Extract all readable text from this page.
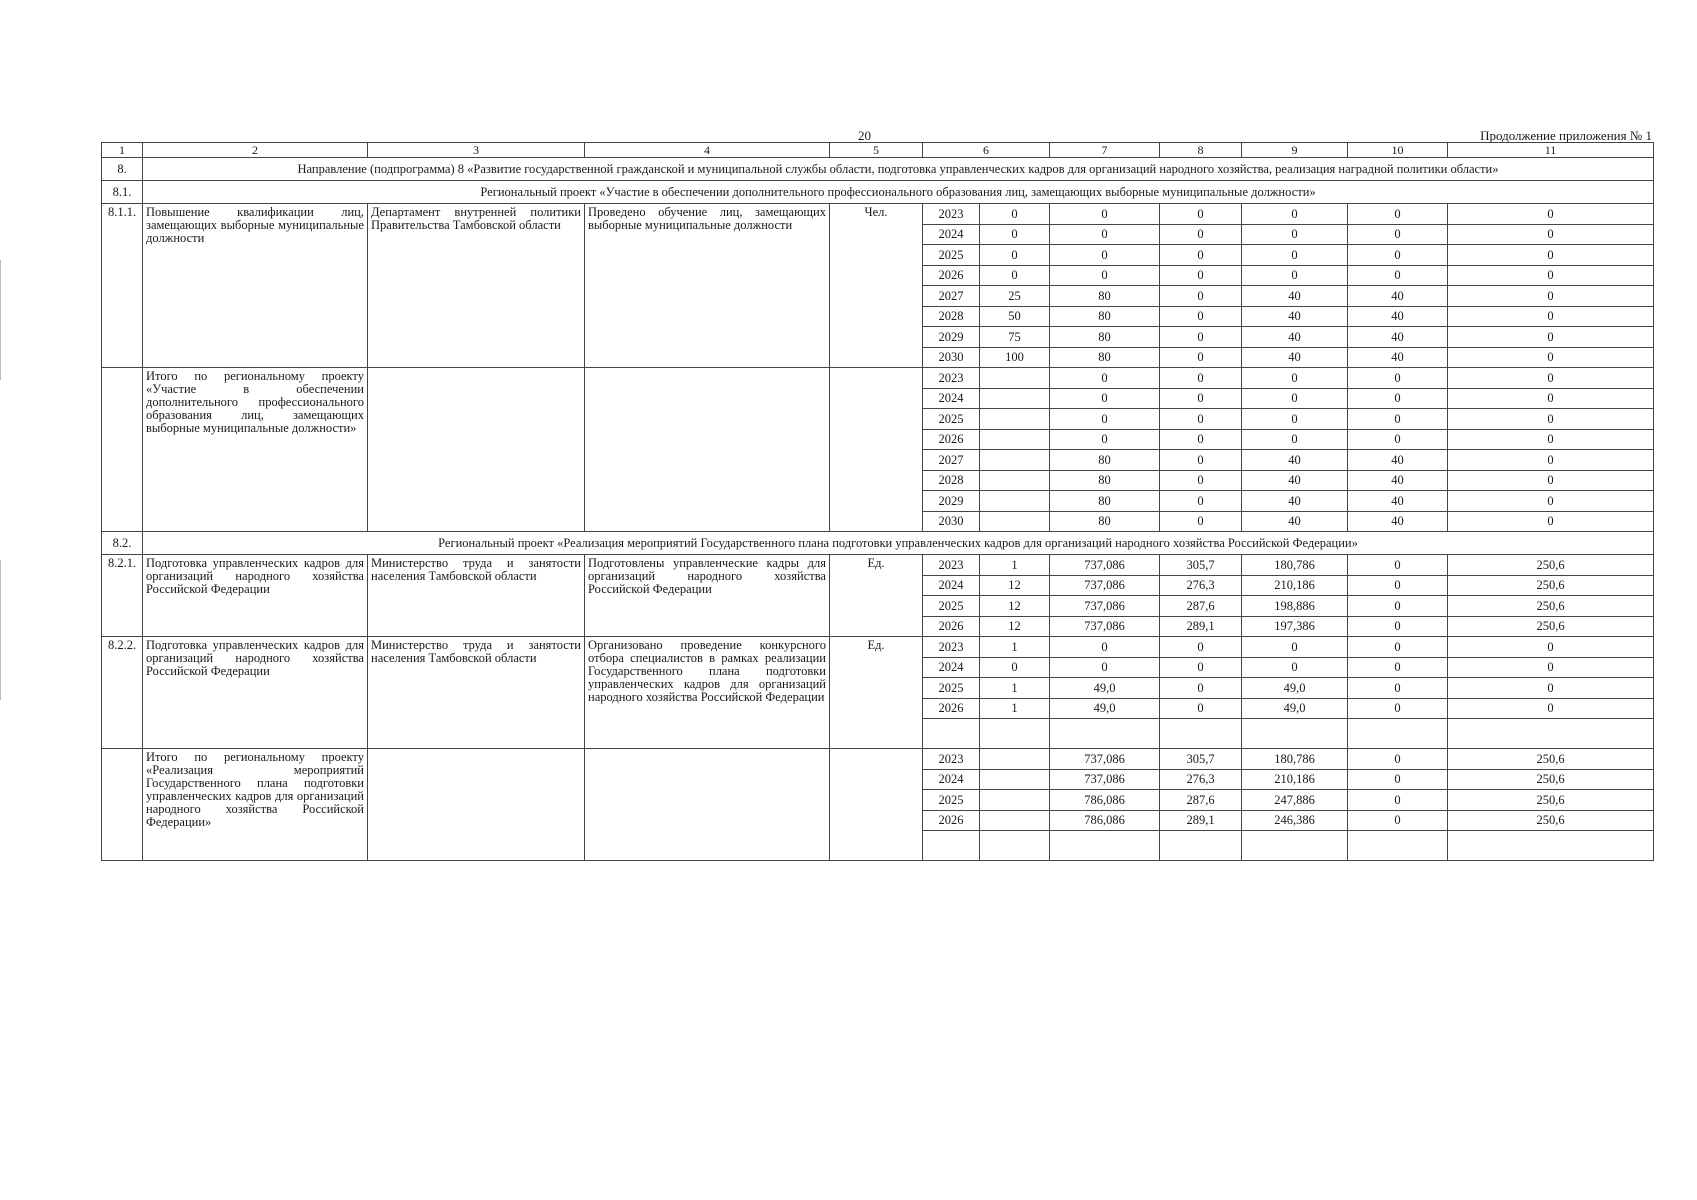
20	Продолжение приложения № 1
1	2	3	4	5	6		7	8	9	10	11
8.	Направление (подпрограмма) 8 «Развитие государственной гражданской и муниципальной службы области, подготовка управленческих кадров для организаций народного хозяйства, реализация наградной политики области»										
8.1.	Региональный проект «Участие в обеспечении дополнительного профессионального образования лиц, замещающих выборные муниципальные должности»										
8.1.1.	Повышение квалификации лиц, замещающих выборные муниципальные должности	Департамент внутренней политики Правительства Тамбовской области	Проведено обучение лиц, замещающих выборные муниципальные должности	Чел.	2023	0	0	0	0	0	0
					2024	0	0	0	0	0	0
					2025	0	0	0	0	0	0
					2026	0	0	0	0	0	0
					2027	25	80	0	40	40	0
					2028	50	80	0	40	40	0
					2029	75	80	0	40	40	0
					2030	100	80	0	40	40	0
	Итого по региональному проекту «Участие в обеспечении дополнительного профессионального образования лиц, замещающих выборные муниципальные должности»				2023		0	0	0	0	0
					2024		0	0	0	0	0
					2025		0	0	0	0	0
					2026		0	0	0	0	0
					2027		80	0	40	40	0
					2028		80	0	40	40	0
					2029		80	0	40	40	0
					2030		80	0	40	40	0
8.2.	Региональный проект «Реализация мероприятий Государственного плана подготовки управленческих кадров для организаций народного хозяйства Российской Федерации»										
8.2.1.	Подготовка управленческих кадров для организаций народного хозяйства Российской Федерации	Министерство труда и занятости населения Тамбовской области	Подготовлены управленческие кадры для организаций народного хозяйства Российской Федерации	Ед.	2023	1	737,086	305,7	180,786	0	250,6
					2024	12	737,086	276,3	210,186	0	250,6
					2025	12	737,086	287,6	198,886	0	250,6
					2026	12	737,086	289,1	197,386	0	250,6
8.2.2.	Подготовка управленческих кадров для организаций народного хозяйства Российской Федерации	Министерство труда и занятости населения Тамбовской области	Организовано проведение конкурсного отбора специалистов в рамках реализации Государственного плана подготовки управленческих кадров для организаций народного хозяйства Российской Федерации	Ед.	2023	1	0	0	0	0	0
					2024	0	0	0	0	0	0
					2025	1	49,0	0	49,0	0	0
					2026	1	49,0	0	49,0	0	0

	Итого по региональному проекту «Реализация мероприятий Государственного плана подготовки управленческих кадров для организаций народного хозяйства Российской Федерации»				2023		737,086	305,7	180,786	0	250,6
					2024		737,086	276,3	210,186	0	250,6
					2025		786,086	287,6	247,886	0	250,6
					2026		786,086	289,1	246,386	0	250,6
